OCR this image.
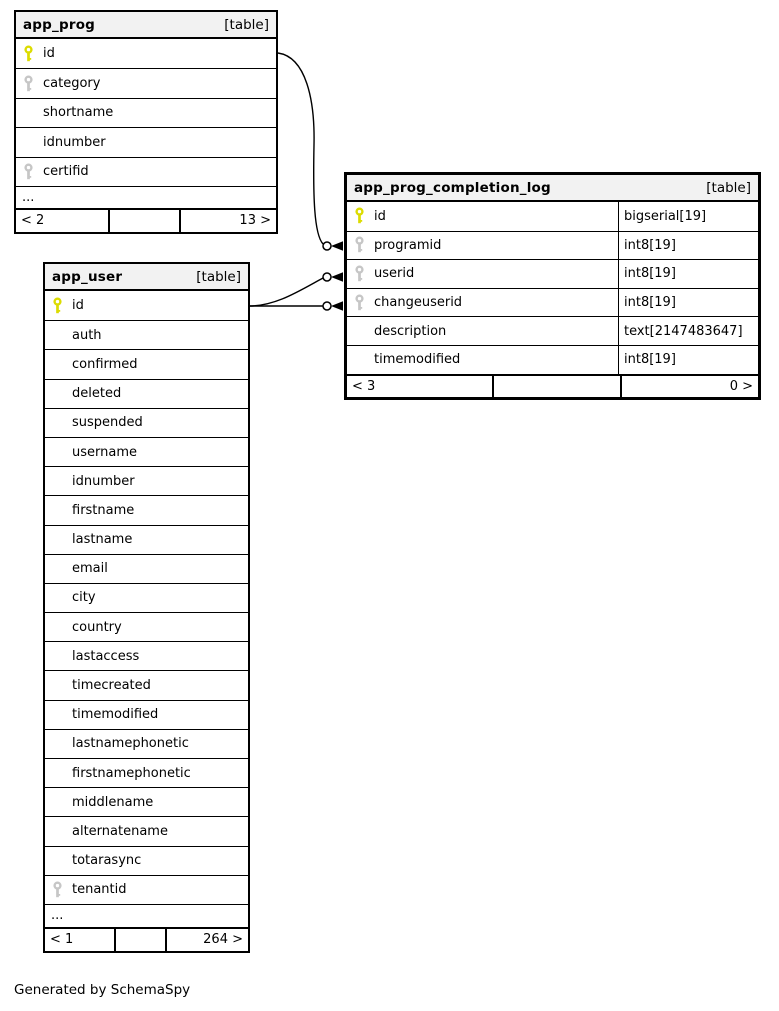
app_prog	[table]
id
category
shortname
idnumber
certifid
...
< 2	13 >
app_user	[table]
id
auth
confirmed
deleted
suspended
username
idnumber
firstname
lastname
email
city
country
lastaccess
timecreated
timemodified
lastnamephonetic
firstnamephonetic
middlename
alternatename
totarasync
tenantid
...
< 1	264 >
app_prog_completion_log	[table]
id	bigserial[19]
programid	int8[19]
userid	int8[19]
changeuserid	int8[19]
description	text[2147483647]
timemodified	int8[19]
< 3	0 >
Generated by SchemaSpy
